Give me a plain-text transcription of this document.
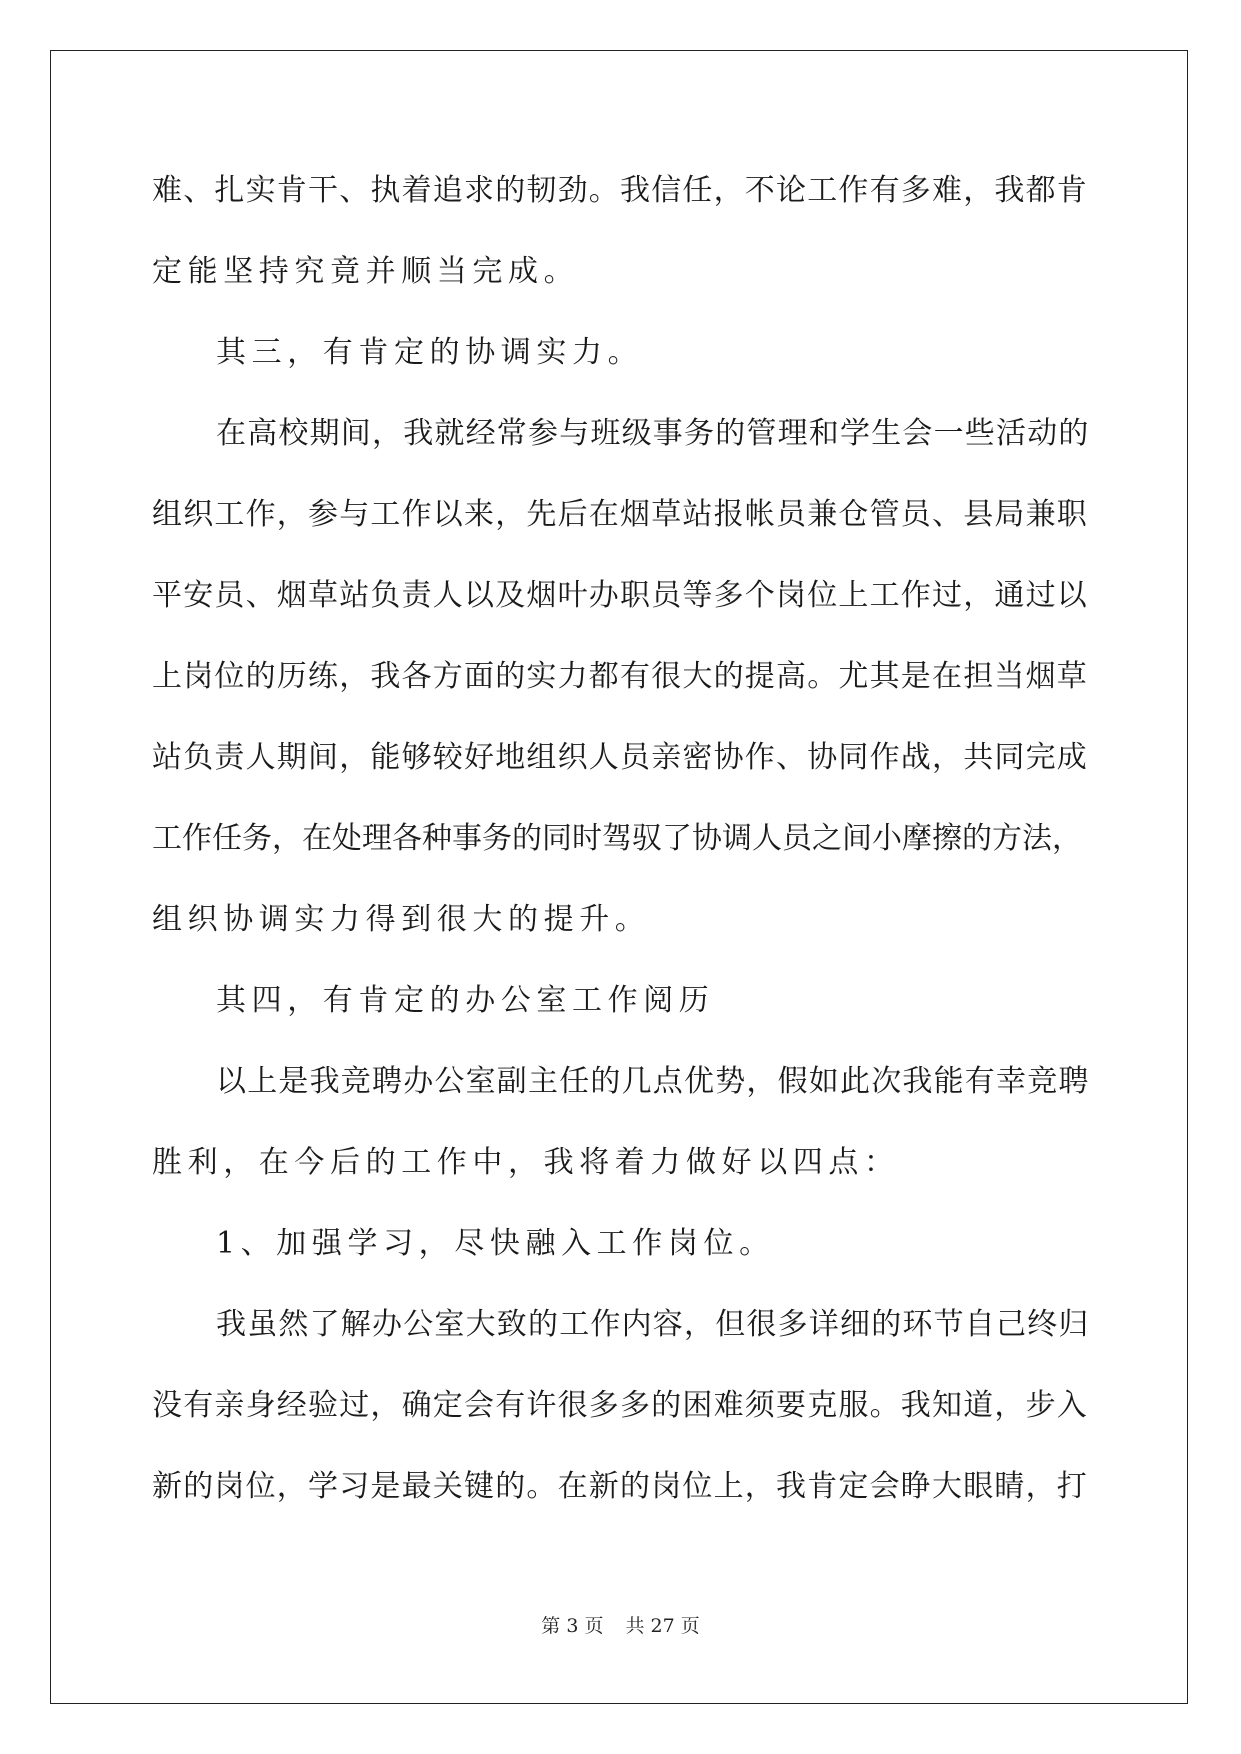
难、扎实肯干、执着追求的韧劲。我信任，不论工作有多难，我都肯
定能坚持究竟并顺当完成。
其三，有肯定的协调实力。
在高校期间，我就经常参与班级事务的管理和学生会一些活动的
组织工作，参与工作以来，先后在烟草站报帐员兼仓管员、县局兼职
平安员、烟草站负责人以及烟叶办职员等多个岗位上工作过，通过以
上岗位的历练，我各方面的实力都有很大的提高。尤其是在担当烟草
站负责人期间，能够较好地组织人员亲密协作、协同作战，共同完成
工作任务，在处理各种事务的同时驾驭了协调人员之间小摩擦的方法，
组织协调实力得到很大的提升。
其四，有肯定的办公室工作阅历
以上是我竞聘办公室副主任的几点优势，假如此次我能有幸竞聘
胜利，在今后的工作中，我将着力做好以四点：
1、加强学习，尽快融入工作岗位。
我虽然了解办公室大致的工作内容，但很多详细的环节自己终归
没有亲身经验过，确定会有许很多多的困难须要克服。我知道，步入
新的岗位，学习是最关键的。在新的岗位上，我肯定会睁大眼睛，打
第 3 页 共 27 页
